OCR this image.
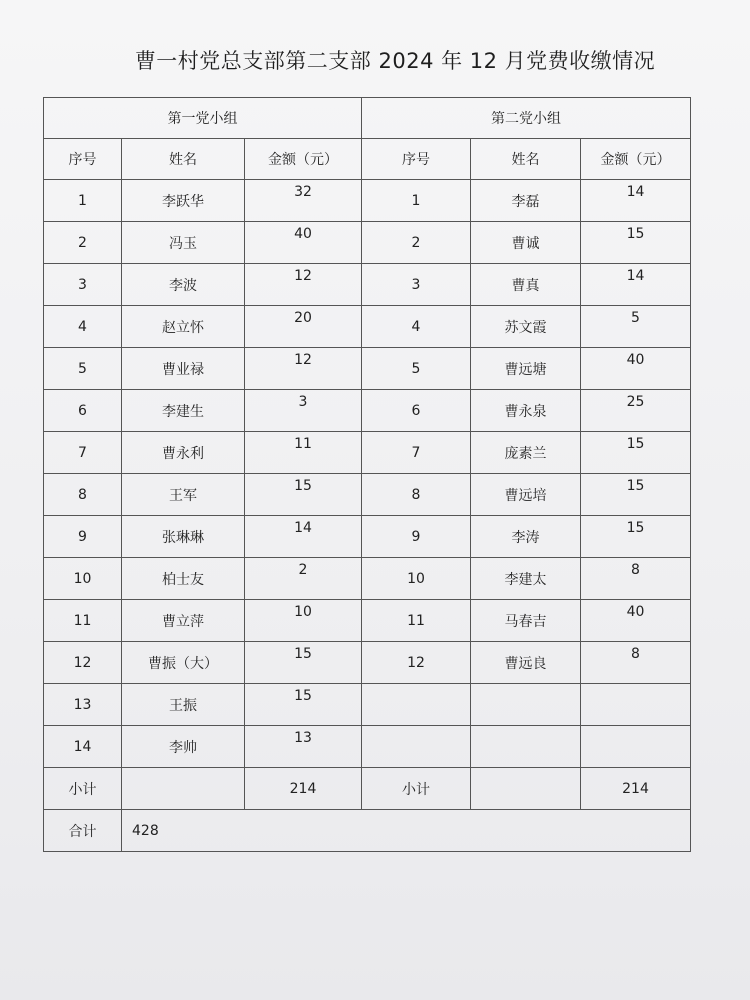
曹一村党总支部第二支部 2024 年 12 月党费收缴情况
第一党小组			第二党小组		
序号	姓名	金额（元）	序号	姓名	金额（元）
1	李跃华	32	1	李磊	14
2	冯玉	40	2	曹诚	15
3	李波	12	3	曹真	14
4	赵立怀	20	4	苏文霞	5
5	曹业禄	12	5	曹远塘	40
6	李建生	3	6	曹永泉	25
7	曹永利	11	7	庞素兰	15
8	王军	15	8	曹远培	15
9	张琳琳	14	9	李涛	15
10	柏士友	2	10	李建太	8
11	曹立萍	10	11	马春吉	40
12	曹振（大）	15	12	曹远良	8
13	王振	15			
14	李帅	13			
小计		214	小计		214
合计	428				
